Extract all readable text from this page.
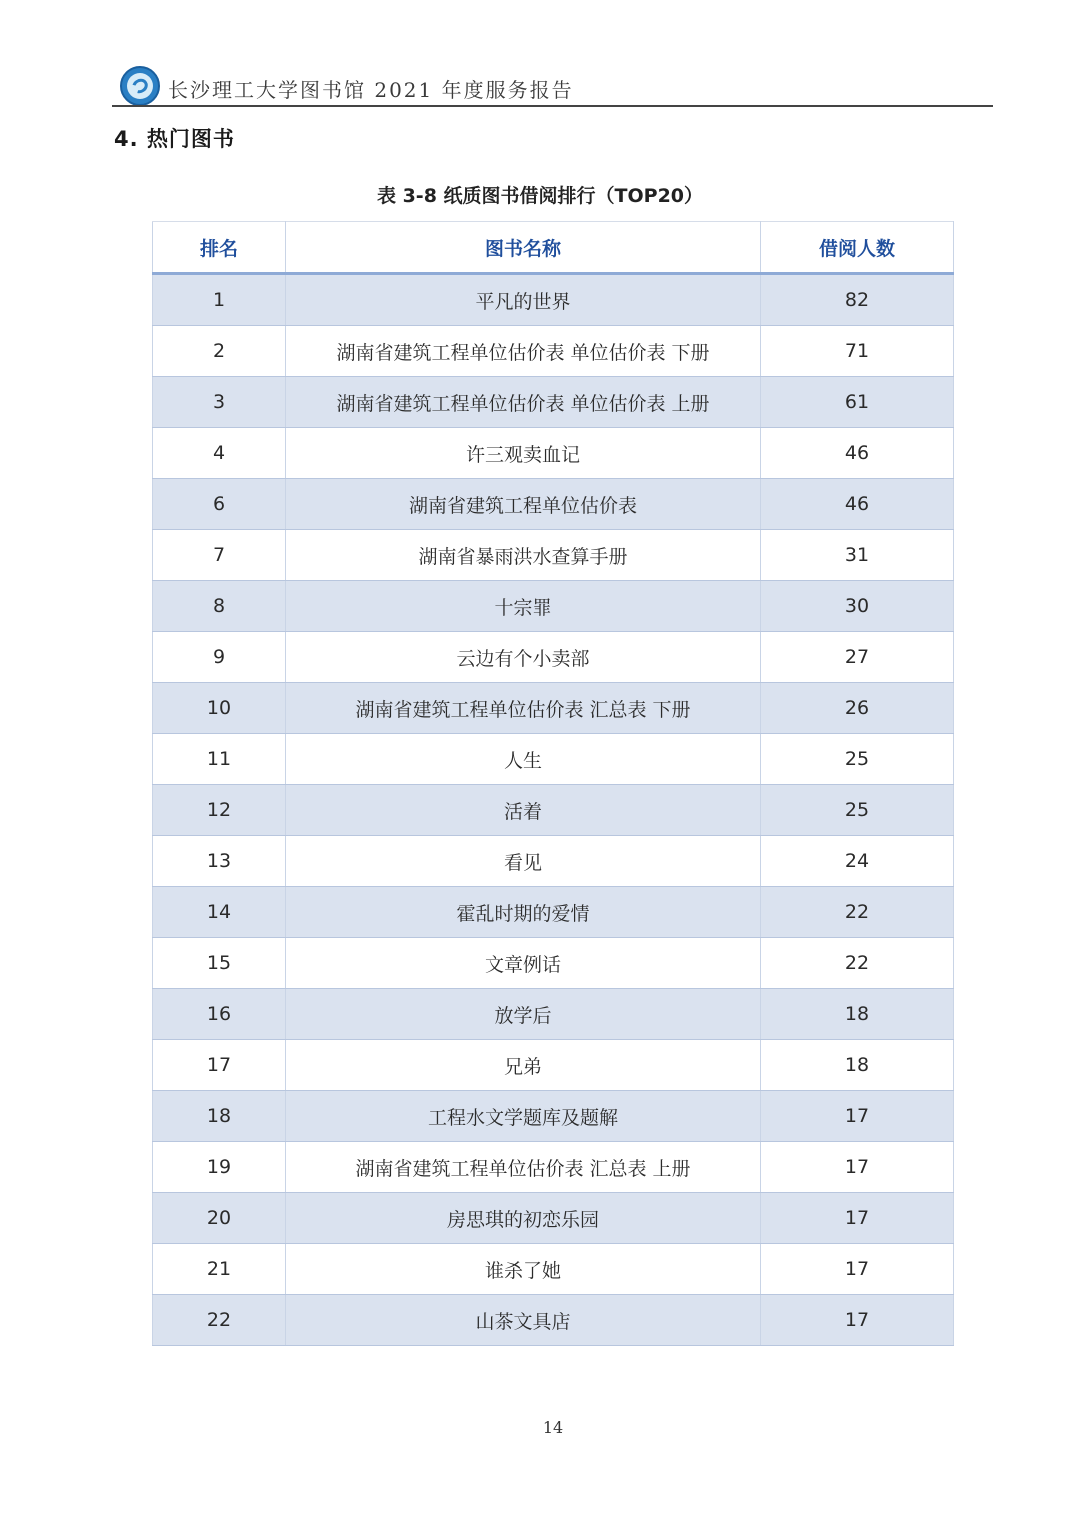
长沙理工大学图书馆 2021 年度服务报告
4. 热门图书
表 3-8 纸质图书借阅排行（TOP20）
排名	图书名称	借阅人数
1	平凡的世界	82
2	湖南省建筑工程单位估价表 单位估价表 下册	71
3	湖南省建筑工程单位估价表 单位估价表 上册	61
4	许三观卖血记	46
6	湖南省建筑工程单位估价表	46
7	湖南省暴雨洪水查算手册	31
8	十宗罪	30
9	云边有个小卖部	27
10	湖南省建筑工程单位估价表 汇总表 下册	26
11	人生	25
12	活着	25
13	看见	24
14	霍乱时期的爱情	22
15	文章例话	22
16	放学后	18
17	兄弟	18
18	工程水文学题库及题解	17
19	湖南省建筑工程单位估价表 汇总表 上册	17
20	房思琪的初恋乐园	17
21	谁杀了她	17
22	山茶文具店	17
14
